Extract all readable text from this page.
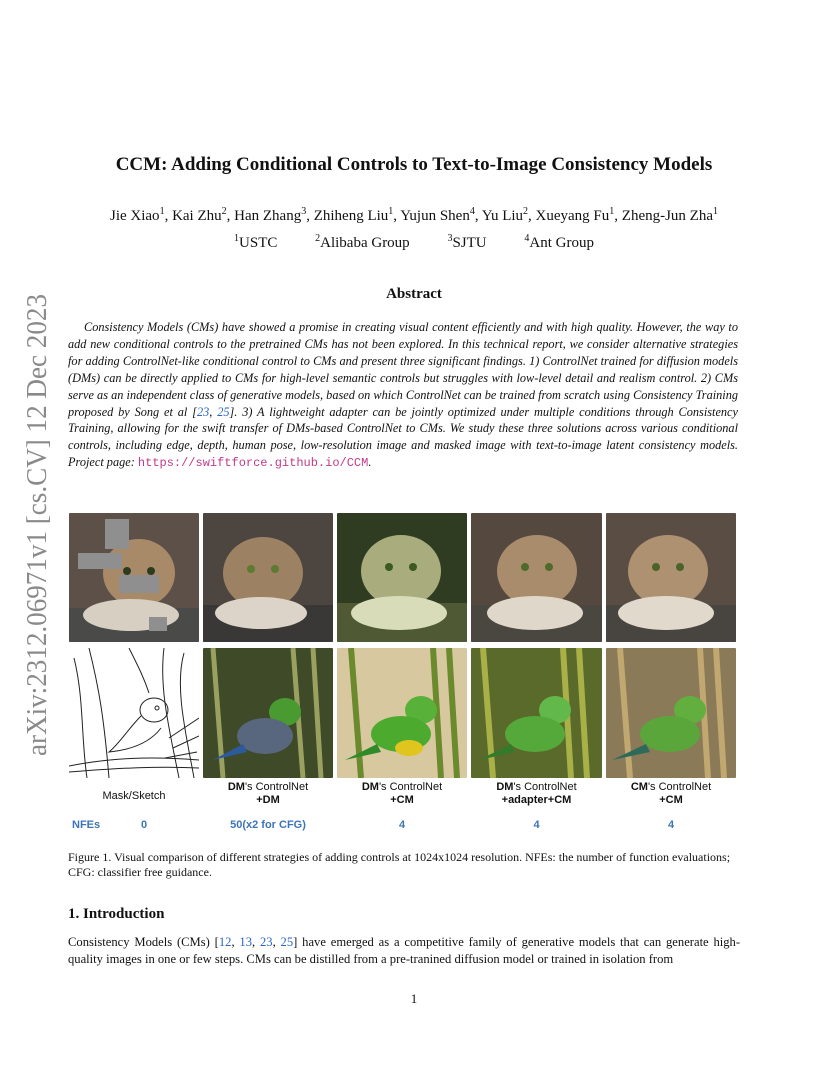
arXiv:2312.06971v1 [cs.CV] 12 Dec 2023
CCM: Adding Conditional Controls to Text-to-Image Consistency Models
Jie Xiao$^1$, Kai Zhu$^2$, Han Zhang$^3$, Zhiheng Liu$^1$, Yujun Shen$^4$, Yu Liu$^2$, Xueyang Fu$^1$, Zheng-Jun Zha$^1$
$^1$USTC	$^2$Alibaba Group	$^3$SJTU	$^4$Ant Group
Abstract

Consistency Models (CMs) have showed a promise in creating visual content efficiently and with high quality. However, the way to add new conditional controls to the pretrained CMs has not been explored. In this technical report, we consider alternative strategies for adding ControlNet-like conditional control to CMs and present three significant findings. 1) ControlNet trained for diffusion models (DMs) can be directly applied to CMs for high-level semantic controls but struggles with low-level detail and realism control. 2) CMs serve as an independent class of generative models, based on which ControlNet can be trained from scratch using Consistency Training proposed by Song et al [23, 25]. 3) A lightweight adapter can be jointly optimized under multiple conditions through Consistency Training, allowing for the swift transfer of DMs-based ControlNet to CMs. We study these three solutions across various conditional controls, including edge, depth, human pose, low-resolution image and masked image with text-to-image latent consistency models. Project page: https://swiftforce.github.io/CCM.

Mask/Sketch
DM's ControlNet
+DM
DM's ControlNet
+CM
DM's ControlNet
+adapter+CM
CM's ControlNet
+CM
NFEs	0	50(x2 for CFG)	4	4	4

Figure 1. Visual comparison of different strategies of adding controls at 1024x1024 resolution. NFEs: the number of function evaluations; CFG: classifier free guidance.

1. Introduction

Consistency Models (CMs) [12, 13, 23, 25] have emerged as a competitive family of generative models that can generate high-quality images in one or few steps. CMs can be distilled from a pre-tranined diffusion model or trained in isolation from

1
